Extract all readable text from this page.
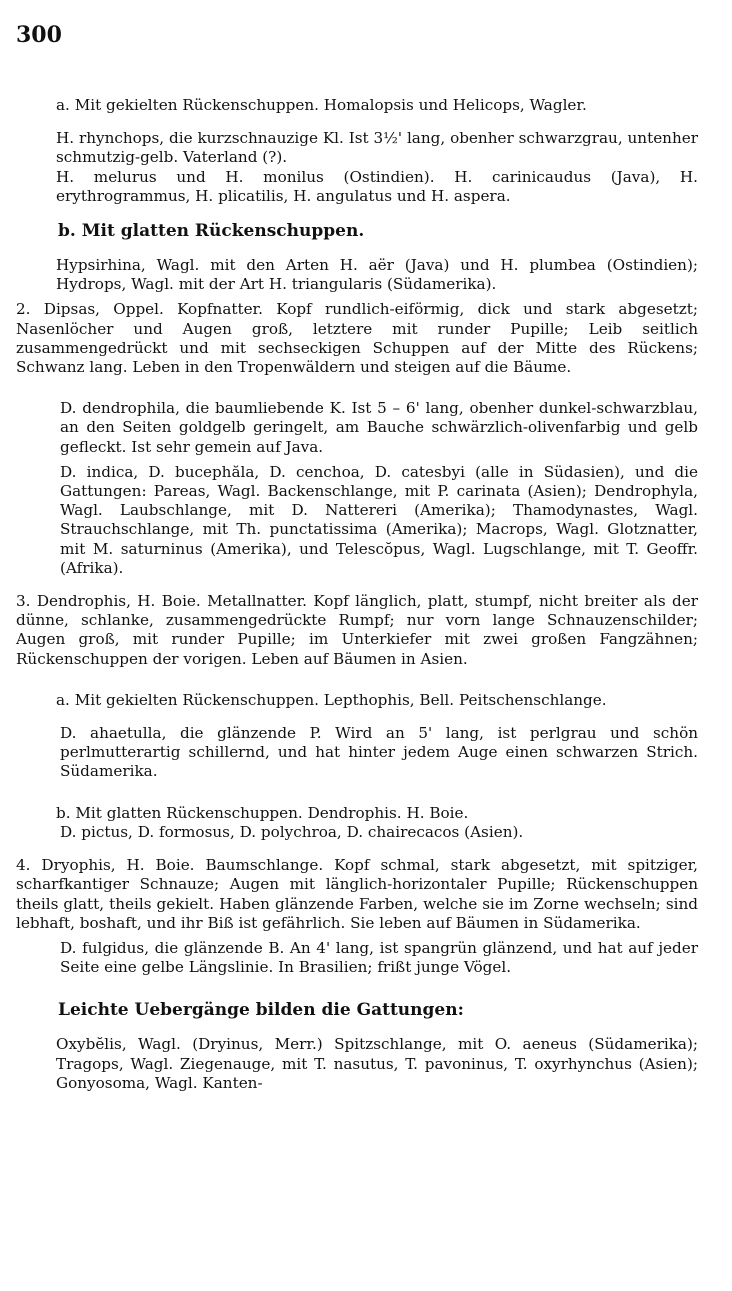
300

a. Mit gekielten Rückenschuppen. Homalopsis und Helicops, Wagler.

H. rhynchops, die kurzschnauzige Kl. Ist 3½' lang, obenher schwarzgrau, untenher schmutzig-gelb. Vaterland (?).

H. melurus und H. monilus (Ostindien). H. carinicaudus (Java), H. erythrogrammus, H. plicatilis, H. angulatus und H. aspera.

b. Mit glatten Rückenschuppen.

Hypsirhina, Wagl. mit den Arten H. aër (Java) und H. plumbea (Ostindien); Hydrops, Wagl. mit der Art H. triangularis (Südamerika).

2. Dipsas, Oppel. Kopfnatter. Kopf rundlich-eiförmig, dick und stark abgesetzt; Nasenlöcher und Augen groß, letztere mit runder Pupille; Leib seitlich zusammengedrückt und mit sechseckigen Schuppen auf der Mitte des Rückens; Schwanz lang. Leben in den Tropenwäldern und steigen auf die Bäume.

D. dendrophila, die baumliebende K. Ist 5 – 6' lang, obenher dunkel-schwarzblau, an den Seiten goldgelb geringelt, am Bauche schwärzlich-olivenfarbig und gelb gefleckt. Ist sehr gemein auf Java.

D. indica, D. bucephăla, D. cenchoa, D. catesbyi (alle in Südasien), und die Gattungen: Pareas, Wagl. Backenschlange, mit P. carinata (Asien); Dendrophyla, Wagl. Laubschlange, mit D. Nattereri (Amerika); Thamodynastes, Wagl. Strauchschlange, mit Th. punctatissima (Amerika); Macrops, Wagl. Glotznatter, mit M. saturninus (Amerika), und Telescŏpus, Wagl. Lugschlange, mit T. Geoffr. (Afrika).

3. Dendrophis, H. Boie. Metallnatter. Kopf länglich, platt, stumpf, nicht breiter als der dünne, schlanke, zusammengedrückte Rumpf; nur vorn lange Schnauzenschilder; Augen groß, mit runder Pupille; im Unterkiefer mit zwei großen Fangzähnen; Rückenschuppen der vorigen. Leben auf Bäumen in Asien.

a. Mit gekielten Rückenschuppen. Lepthophis, Bell. Peitschenschlange.

D. ahaetulla, die glänzende P. Wird an 5' lang, ist perlgrau und schön perlmutterartig schillernd, und hat hinter jedem Auge einen schwarzen Strich. Südamerika.

b. Mit glatten Rückenschuppen. Dendrophis. H. Boie.

D. pictus, D. formosus, D. polychroa, D. chairecacos (Asien).

4. Dryophis, H. Boie. Baumschlange. Kopf schmal, stark abgesetzt, mit spitziger, scharfkantiger Schnauze; Augen mit länglich-horizontaler Pupille; Rückenschuppen theils glatt, theils gekielt. Haben glänzende Farben, welche sie im Zorne wechseln; sind lebhaft, boshaft, und ihr Biß ist gefährlich. Sie leben auf Bäumen in Südamerika.

D. fulgidus, die glänzende B. An 4' lang, ist spangrün glänzend, und hat auf jeder Seite eine gelbe Längslinie. In Brasilien; frißt junge Vögel.

Leichte Uebergänge bilden die Gattungen:

Oxybĕlis, Wagl. (Dryinus, Merr.) Spitzschlange, mit O. aeneus (Südamerika); Tragops, Wagl. Ziegenauge, mit T. nasutus, T. pavoninus, T. oxyrhynchus (Asien); Gonyosoma, Wagl. Kanten-
